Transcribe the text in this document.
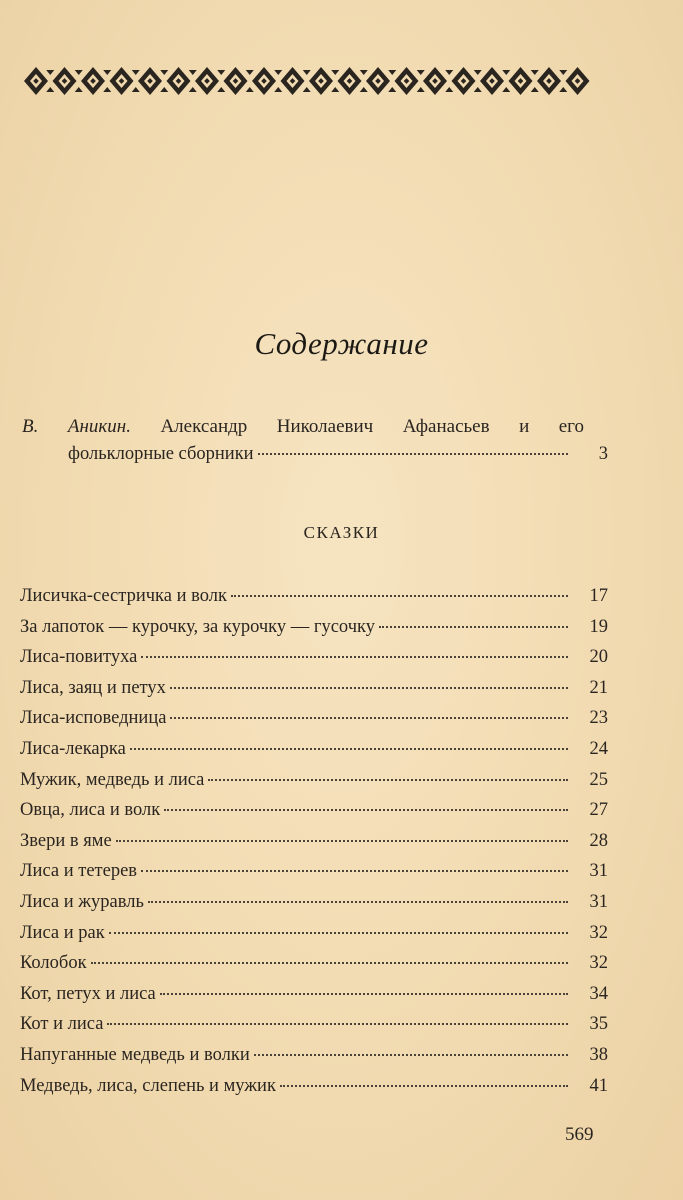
Содержание
В. Аникин. Александр Николаевич Афанасьев и его
фольклорные сборники	3
СКАЗКИ
Лисичка-сестричка и волк	17
За лапоток — курочку, за курочку — гусочку	19
Лиса-повитуха	20
Лиса, заяц и петух	21
Лиса-исповедница	23
Лиса-лекарка	24
Мужик, медведь и лиса	25
Овца, лиса и волк	27
Звери в яме	28
Лиса и тетерев	31
Лиса и журавль	31
Лиса и рак	32
Колобок	32
Кот, петух и лиса	34
Кот и лиса	35
Напуганные медведь и волки	38
Медведь, лиса, слепень и мужик	41
569
